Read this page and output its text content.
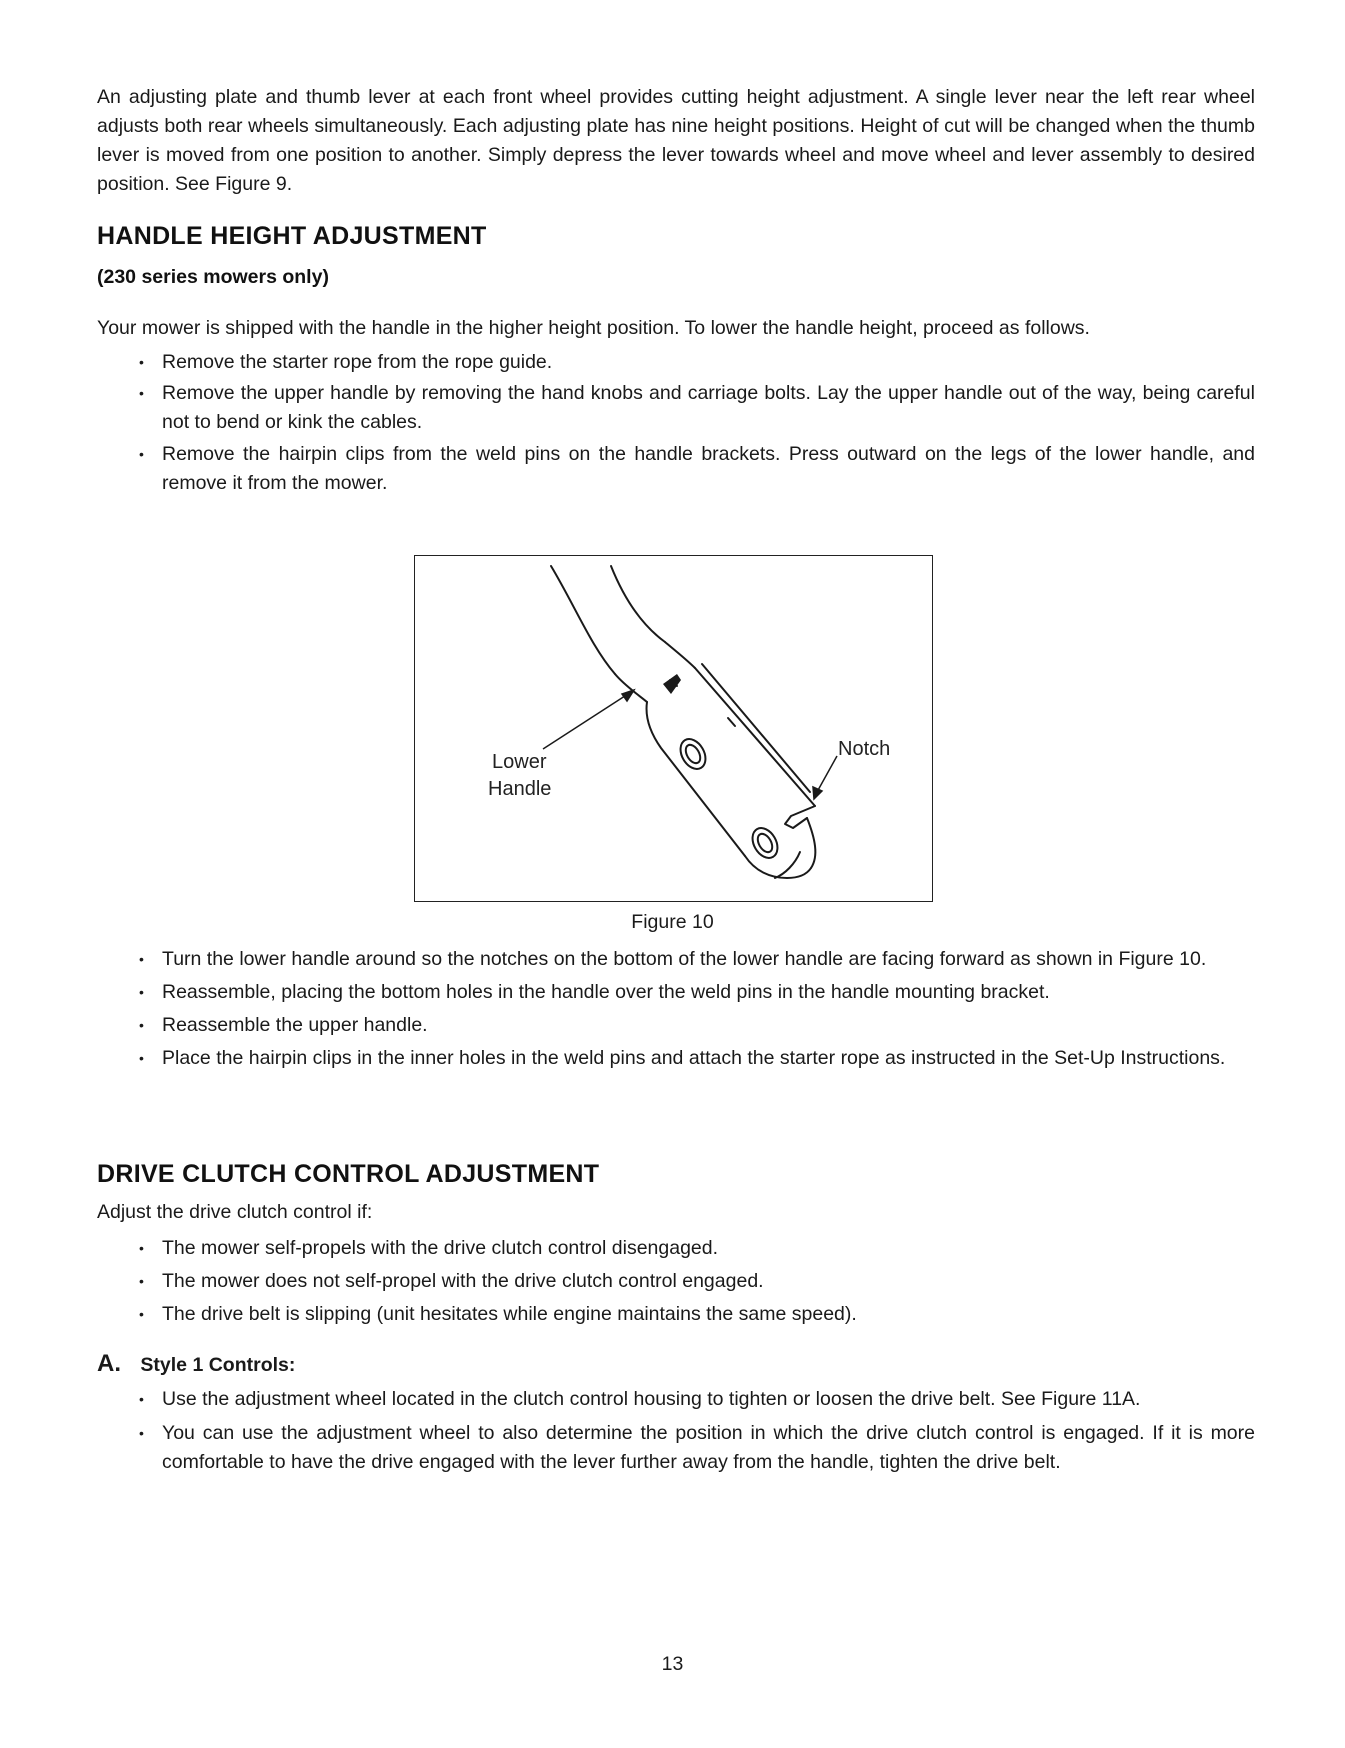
An adjusting plate and thumb lever at each front wheel provides cutting height adjustment. A single lever near the left rear wheel adjusts both rear wheels simultaneously. Each adjusting plate has nine height positions. Height of cut will be changed when the thumb lever is moved from one position to another. Simply depress the lever towards wheel and move wheel and lever assembly to desired position. See Figure 9.
HANDLE HEIGHT ADJUSTMENT
(230 series mowers only)
Your mower is shipped with the handle in the higher height position. To lower the handle height, proceed as follows.
• Remove the starter rope from the rope guide.
• Remove the upper handle by removing the hand knobs and carriage bolts. Lay the upper handle out of the way, being careful not to bend or kink the cables.
• Remove the hairpin clips from the weld pins on the handle brackets. Press outward on the legs of the lower handle, and remove it from the mower.
Lower
Handle
Notch
Figure 10
• Turn the lower handle around so the notches on the bottom of the lower handle are facing forward as shown in Figure 10.
• Reassemble, placing the bottom holes in the handle over the weld pins in the handle mounting bracket.
• Reassemble the upper handle.
• Place the hairpin clips in the inner holes in the weld pins and attach the starter rope as instructed in the Set-Up Instructions.
DRIVE CLUTCH CONTROL ADJUSTMENT
Adjust the drive clutch control if:
• The mower self-propels with the drive clutch control disengaged.
• The mower does not self-propel with the drive clutch control engaged.
• The drive belt is slipping (unit hesitates while engine maintains the same speed).
A. Style 1 Controls:
• Use the adjustment wheel located in the clutch control housing to tighten or loosen the drive belt. See Figure 11A.
• You can use the adjustment wheel to also determine the position in which the drive clutch control is engaged. If it is more comfortable to have the drive engaged with the lever further away from the handle, tighten the drive belt.
13
